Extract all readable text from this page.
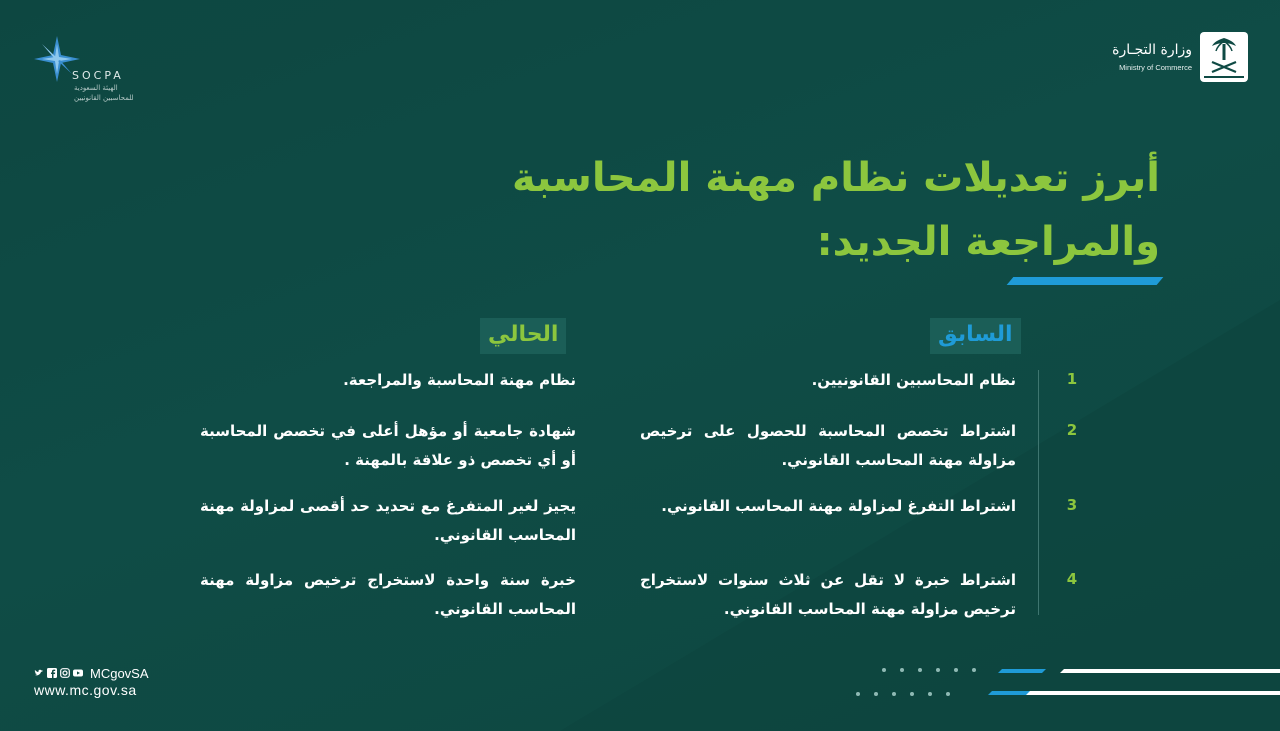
SOCPA
الهيئة السعودية
للمحاسبين القانونيين
وزارة التجـارة
Ministry of Commerce
أبرز تعديلات نظام مهنة المحاسبة
والمراجعة الجديد:
السابق
الحالي
1
نظام المحاسبين القانونيين.
نظام مهنة المحاسبة والمراجعة.
2
اشتراط تخصص المحاسبة للحصول على ترخيص مزاولة مهنة المحاسب القانوني.
شهادة جامعية أو مؤهل أعلى في تخصص المحاسبة أو أي تخصص ذو علاقة بالمهنة .
3
اشتراط التفرغ لمزاولة مهنة المحاسب القانوني.
يجيز لغير المتفرغ مع تحديد حد أقصى لمزاولة مهنة المحاسب القانوني.
4
اشتراط خبرة لا تقل عن ثلاث سنوات لاستخراج ترخيص مزاولة مهنة المحاسب القانوني.
خبرة سنة واحدة لاستخراج ترخيص مزاولة مهنة المحاسب القانوني.
MCgovSA
www.mc.gov.sa
